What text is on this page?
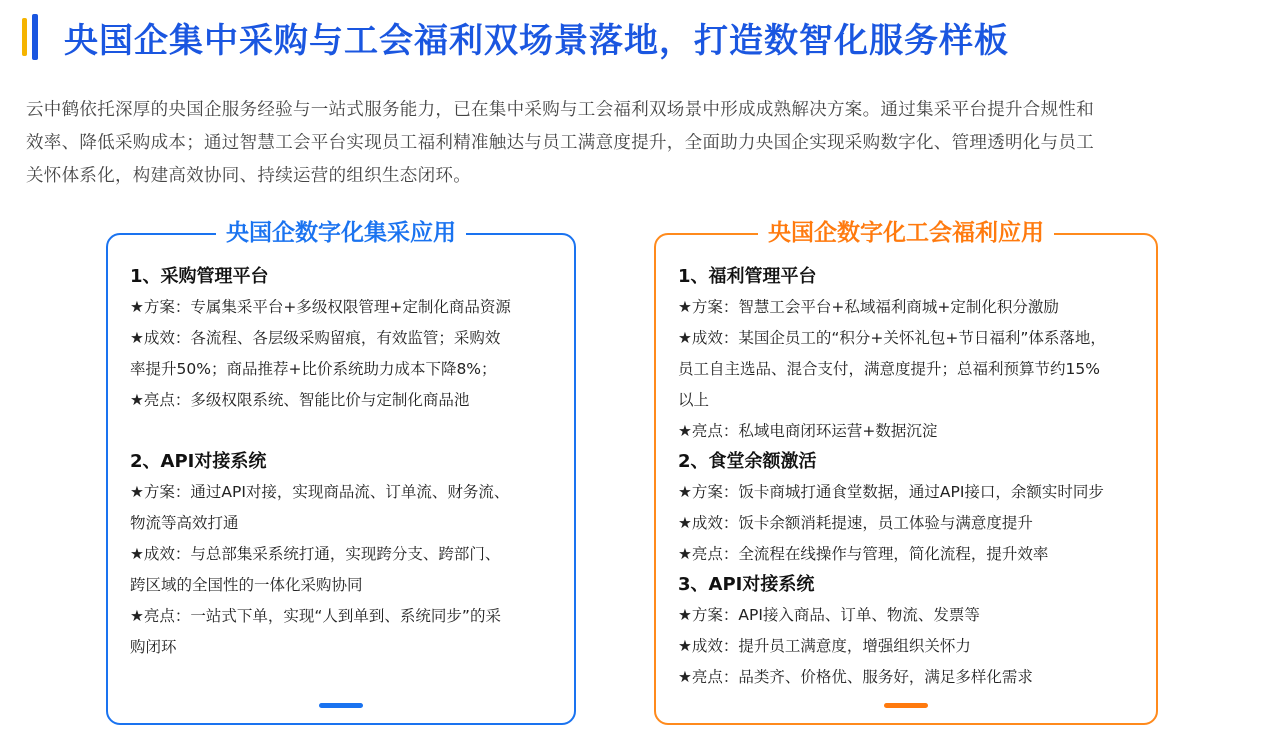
央国企集中采购与工会福利双场景落地，打造数智化服务样板
云中鹤依托深厚的央国企服务经验与一站式服务能力，已在集中采购与工会福利双场景中形成成熟解决方案。通过集采平台提升合规性和
效率、降低采购成本；通过智慧工会平台实现员工福利精准触达与员工满意度提升，全面助力央国企实现采购数字化、管理透明化与员工
关怀体系化，构建高效协同、持续运营的组织生态闭环。
央国企数字化集采应用
1、采购管理平台
★方案：专属集采平台+多级权限管理+定制化商品资源
★成效：各流程、各层级采购留痕，有效监管；采购效
率提升50%；商品推荐+比价系统助力成本下降8%；
★亮点：多级权限系统、智能比价与定制化商品池
2、API对接系统
★方案：通过API对接，实现商品流、订单流、财务流、
物流等高效打通
★成效：与总部集采系统打通，实现跨分支、跨部门、
跨区域的全国性的一体化采购协同
★亮点：一站式下单，实现“人到单到、系统同步”的采
购闭环
央国企数字化工会福利应用
1、福利管理平台
★方案：智慧工会平台+私域福利商城+定制化积分激励
★成效：某国企员工的“积分+关怀礼包+节日福利”体系落地，
员工自主选品、混合支付，满意度提升；总福利预算节约15%
以上
★亮点：私域电商闭环运营+数据沉淀
2、食堂余额激活
★方案：饭卡商城打通食堂数据，通过API接口，余额实时同步
★成效：饭卡余额消耗提速，员工体验与满意度提升
★亮点：全流程在线操作与管理，简化流程，提升效率
3、API对接系统
★方案：API接入商品、订单、物流、发票等
★成效：提升员工满意度，增强组织关怀力
★亮点：品类齐、价格优、服务好，满足多样化需求
